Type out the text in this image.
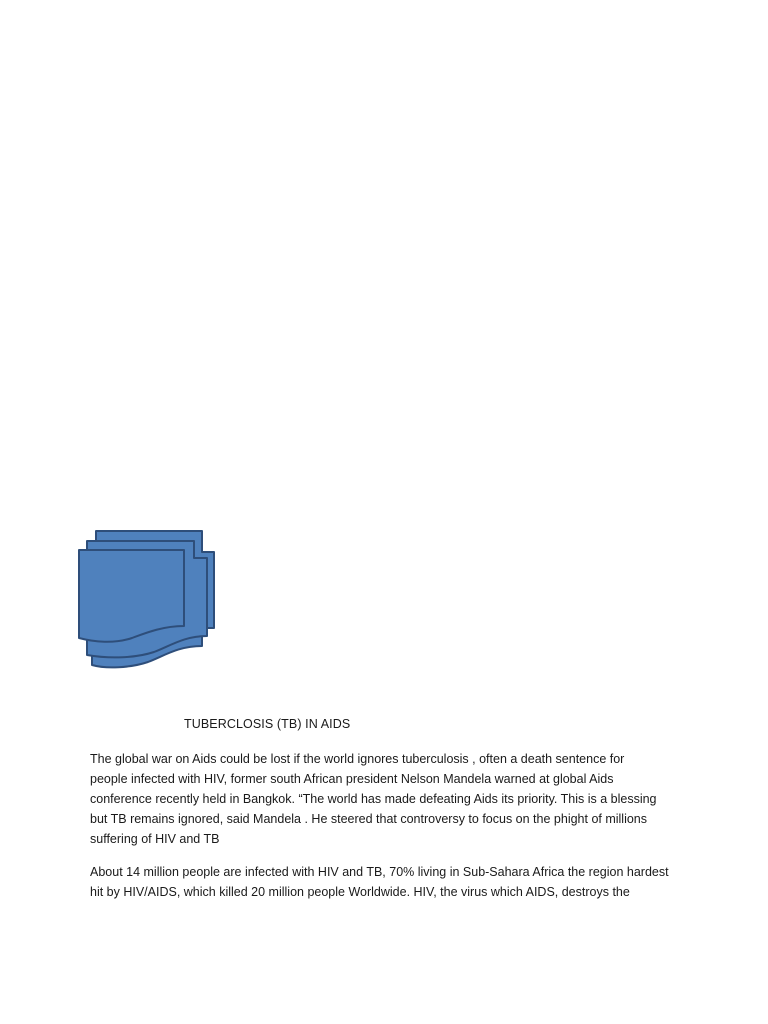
TUBERCLOSIS (TB) IN AIDS

The global war on Aids could be lost if the world ignores tuberculosis , often a death sentence for
people infected with HIV, former south African president Nelson Mandela warned at global Aids
conference recently held in Bangkok. “The world has made defeating Aids its priority. This is a blessing
but TB remains ignored, said Mandela . He steered that controversy to focus on the phight of millions
suffering of HIV and TB

About 14 million people are infected with HIV and TB, 70% living in Sub-Sahara Africa the region hardest
hit by HIV/AIDS, which killed 20 million people Worldwide. HIV, the virus which AIDS, destroys the
